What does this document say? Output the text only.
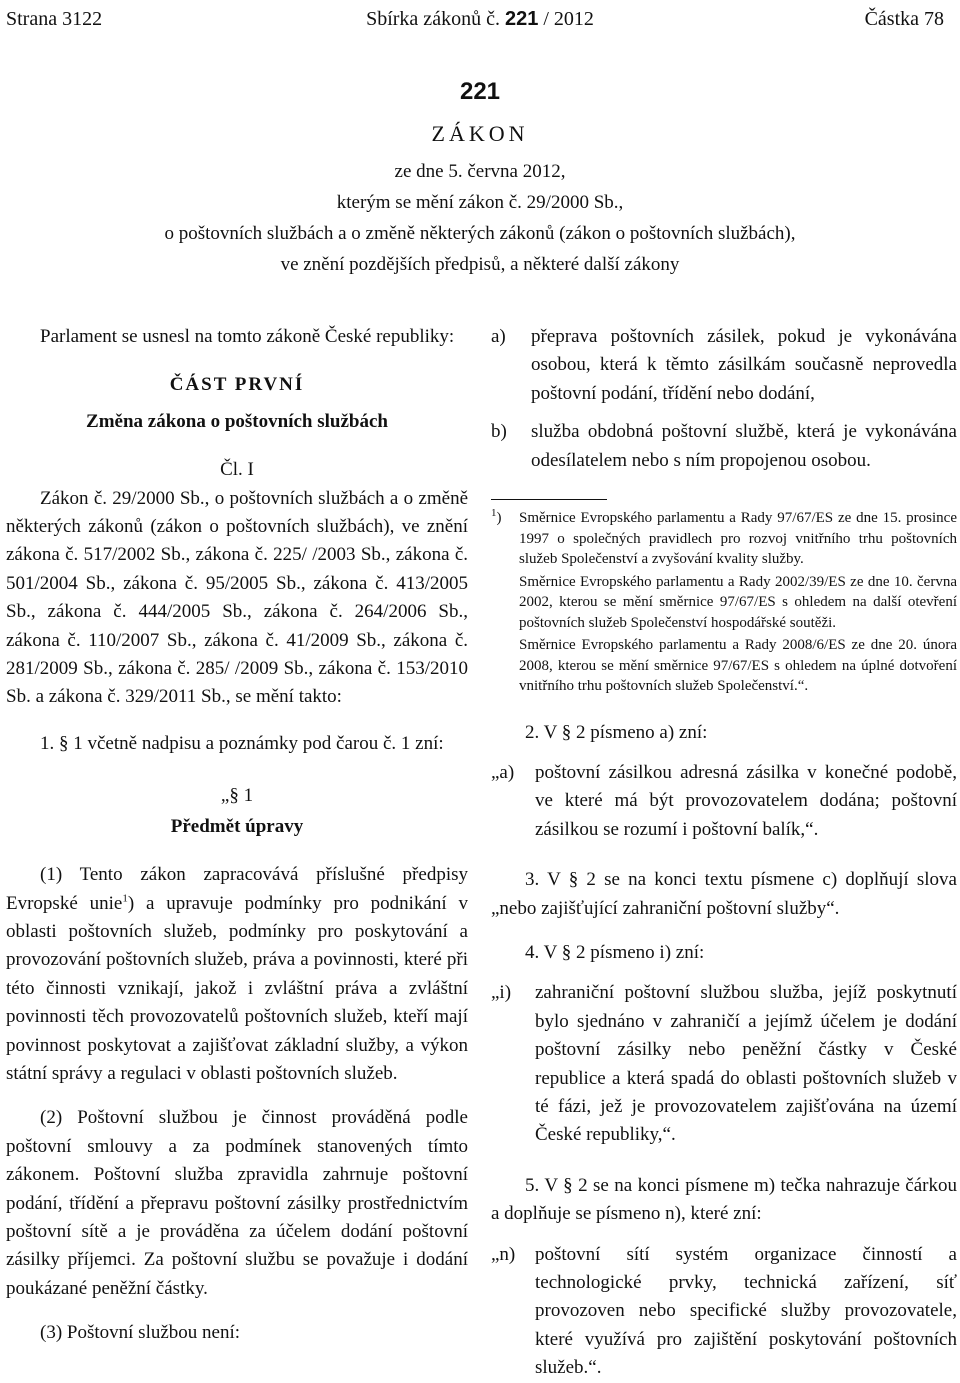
Strana 3122	Sbírka zákonů č. 221 / 2012	Částka 78
221
ZÁKON
ze dne 5. června 2012,
kterým se mění zákon č. 29/2000 Sb.,
o poštovních službách a o změně některých zákonů (zákon o poštovních službách),
ve znění pozdějších předpisů, a některé další zákony

Parlament se usnesl na tomto zákoně České republiky:

ČÁST PRVNÍ

Změna zákona o poštovních službách

Čl. I

Zákon č. 29/2000 Sb., o poštovních službách a o změně některých zákonů (zákon o poštovních službách), ve znění zákona č. 517/2002 Sb., zákona č. 225/ /2003 Sb., zákona č. 501/2004 Sb., zákona č. 95/2005 Sb., zákona č. 413/2005 Sb., zákona č. 444/2005 Sb., zákona č. 264/2006 Sb., zákona č. 110/2007 Sb., zákona č. 41/2009 Sb., zákona č. 281/2009 Sb., zákona č. 285/ /2009 Sb., zákona č. 153/2010 Sb. a zákona č. 329/2011 Sb., se mění takto:

1. § 1 včetně nadpisu a poznámky pod čarou č. 1 zní:

„§ 1

Předmět úpravy

(1) Tento zákon zapracovává příslušné předpisy Evropské unie$^1$) a upravuje podmínky pro podnikání v oblasti poštovních služeb, podmínky pro poskytování a provozování poštovních služeb, práva a povinnosti, které při této činnosti vznikají, jakož i zvláštní práva a zvláštní povinnosti těch provozovatelů poštovních služeb, kteří mají povinnost poskytovat a zajišťovat základní služby, a výkon státní správy a regulaci v oblasti poštovních služeb.

(2) Poštovní službou je činnost prováděná podle poštovní smlouvy a za podmínek stanovených tímto zákonem. Poštovní služba zpravidla zahrnuje poštovní podání, třídění a přepravu poštovní zásilky prostřednictvím poštovní sítě a je prováděna za účelem dodání poštovní zásilky příjemci. Za poštovní službu se považuje i dodání poukázané peněžní částky.

(3) Poštovní službou není:

a)	přeprava poštovních zásilek, pokud je vykonávána osobou, která k těmto zásilkám současně neprovedla poštovní podání, třídění nebo dodání,
b)	služba obdobná poštovní službě, která je vykonávána odesílatelem nebo s ním propojenou osobou.
$^1$)	Směrnice Evropského parlamentu a Rady 97/67/ES ze dne 15. prosince 1997 o společných pravidlech pro rozvoj vnitřního trhu poštovních služeb Společenství a zvyšování kvality služby.

Směrnice Evropského parlamentu a Rady 2002/39/ES ze dne 10. června 2002, kterou se mění směrnice 97/67/ES s ohledem na další otevření poštovních služeb Společenství hospodářské soutěži.

Směrnice Evropského parlamentu a Rady 2008/6/ES ze dne 20. února 2008, kterou se mění směrnice 97/67/ES s ohledem na úplné dotvoření vnitřního trhu poštovních služeb Společenství.“.

2. V § 2 písmeno a) zní:

„a)	poštovní zásilkou adresná zásilka v konečné podobě, ve které má být provozovatelem dodána; poštovní zásilkou se rozumí i poštovní balík,“.

3. V § 2 se na konci textu písmene c) doplňují slova „nebo zajišťující zahraniční poštovní služby“.

4. V § 2 písmeno i) zní:

„i)	zahraniční poštovní službou služba, jejíž poskytnutí bylo sjednáno v zahraničí a jejímž účelem je dodání poštovní zásilky nebo peněžní částky v České republice a která spadá do oblasti poštovních služeb v té fázi, jež je provozovatelem zajišťována na území České republiky,“.

5. V § 2 se na konci písmene m) tečka nahrazuje čárkou a doplňuje se písmeno n), které zní:

„n)	poštovní sítí systém organizace činností a technologické prvky, technická zařízení, síť provozoven nebo specifické služby provozovatele, které využívá pro zajištění poskytování poštovních služeb.“.
